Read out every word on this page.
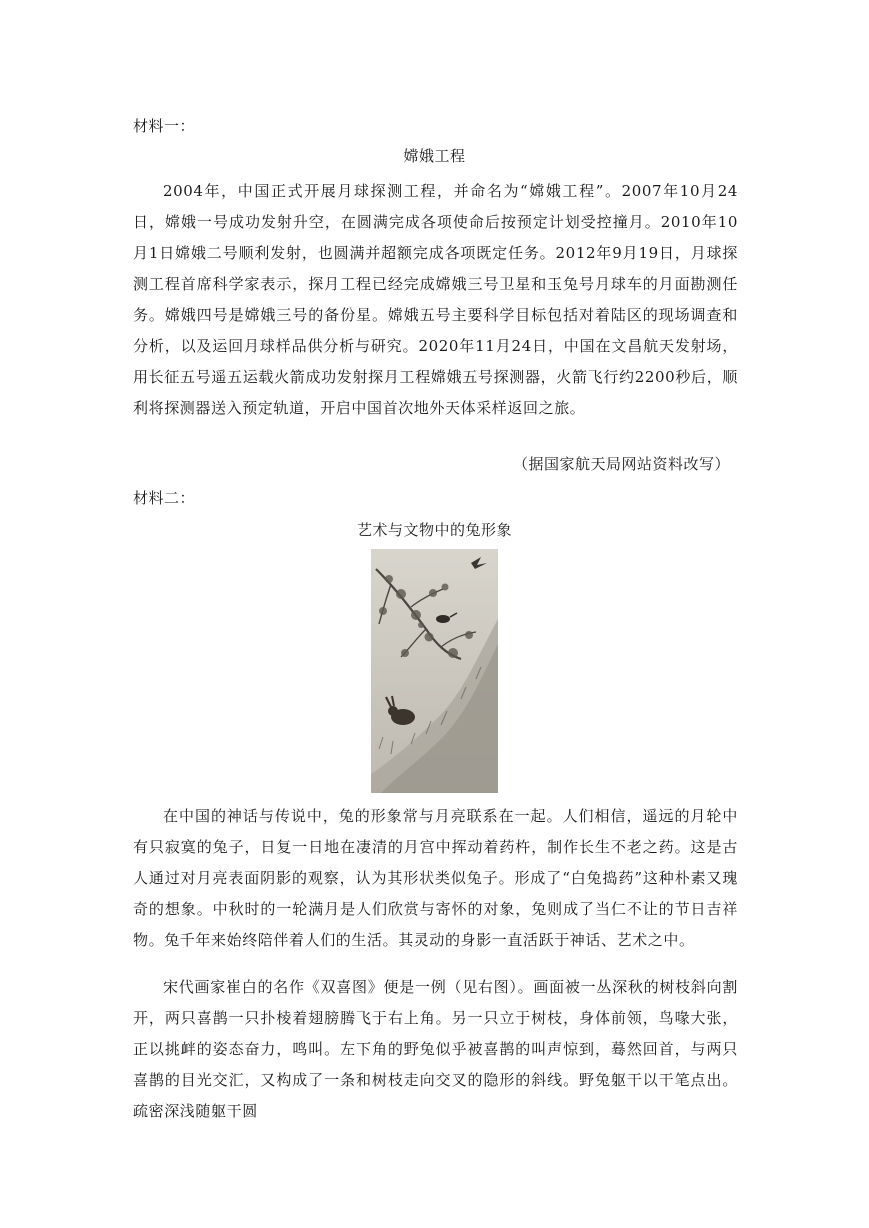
材料一：
嫦娥工程

2004年，中国正式开展月球探测工程，并命名为“嫦娥工程”。2007年10月24日，嫦娥一号成功发射升空，在圆满完成各项使命后按预定计划受控撞月。2010年10月1日嫦娥二号顺利发射，也圆满并超额完成各项既定任务。2012年9月19日，月球探测工程首席科学家表示，探月工程已经完成嫦娥三号卫星和玉兔号月球车的月面勘测任务。嫦娥四号是嫦娥三号的备份星。嫦娥五号主要科学目标包括对着陆区的现场调查和分析，以及运回月球样品供分析与研究。2020年11月24日，中国在文昌航天发射场，用长征五号遥五运载火箭成功发射探月工程嫦娥五号探测器，火箭飞行约2200秒后，顺利将探测器送入预定轨道，开启中国首次地外天体采样返回之旅。

（据国家航天局网站资料改写）
材料二：
艺术与文物中的兔形象

在中国的神话与传说中，兔的形象常与月亮联系在一起。人们相信，遥远的月轮中有只寂寞的兔子，日复一日地在凄清的月宫中挥动着药杵，制作长生不老之药。这是古人通过对月亮表面阴影的观察，认为其形状类似兔子。形成了“白兔捣药”这种朴素又瑰奇的想象。中秋时的一轮满月是人们欣赏与寄怀的对象，兔则成了当仁不让的节日吉祥物。兔千年来始终陪伴着人们的生活。其灵动的身影一直活跃于神话、艺术之中。

宋代画家崔白的名作《双喜图》便是一例（见右图）。画面被一丛深秋的树枝斜向割开，两只喜鹊一只扑棱着翅膀腾飞于右上角。另一只立于树枝，身体前领，鸟喙大张，正以挑衅的姿态奋力，鸣叫。左下角的野兔似乎被喜鹊的叫声惊到，蓦然回首，与两只喜鹊的目光交汇，又构成了一条和树枝走向交叉的隐形的斜线。野兔躯干以干笔点出。疏密深浅随躯干圆
